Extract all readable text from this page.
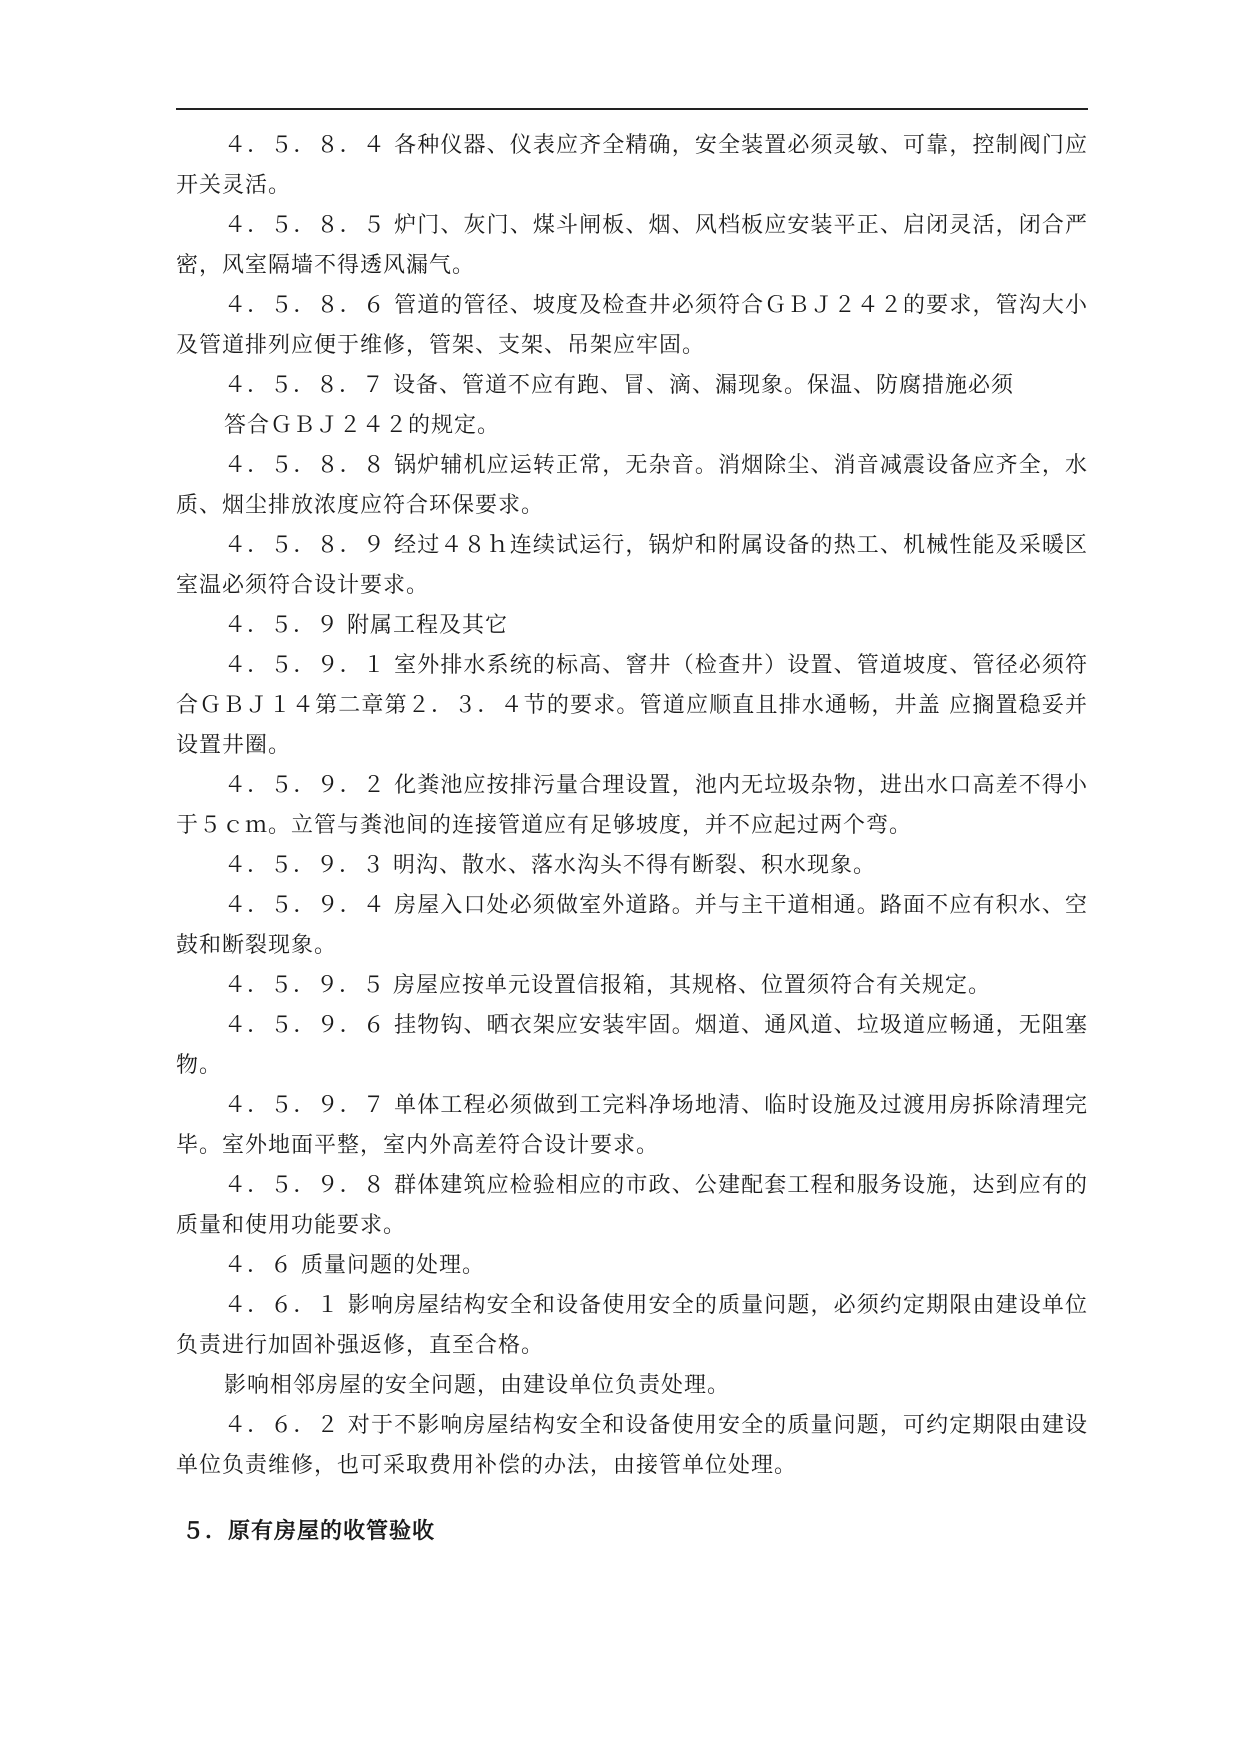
４．５．８．４ 各种仪器、仪表应齐全精确，安全装置必须灵敏、可靠，控制阀门应开关灵活。

４．５．８．５ 炉门、灰门、煤斗闸板、烟、风档板应安装平正、启闭灵活，闭合严密，风室隔墙不得透风漏气。

４．５．８．６ 管道的管径、坡度及检查井必须符合ＧＢＪ２４２的要求，管沟大小及管道排列应便于维修，管架、支架、吊架应牢固。

４．５．８．７ 设备、管道不应有跑、冒、滴、漏现象。保温、防腐措施必须

答合ＧＢＪ２４２的规定。

４．５．８．８ 锅炉辅机应运转正常，无杂音。消烟除尘、消音减震设备应齐全，水质、烟尘排放浓度应符合环保要求。

４．５．８．９ 经过４８ｈ连续试运行，锅炉和附属设备的热工、机械性能及采暖区室温必须符合设计要求。

４．５．９ 附属工程及其它

４．５．９．１ 室外排水系统的标高、窨井（检查井）设置、管道坡度、管径必须符合ＧＢＪ１４第二章第２．３．４节的要求。管道应顺直且排水通畅，井盖 应搁置稳妥并设置井圈。

４．５．９．２ 化粪池应按排污量合理设置，池内无垃圾杂物，进出水口高差不得小于５ｃｍ。立管与粪池间的连接管道应有足够坡度，并不应起过两个弯。

４．５．９．３ 明沟、散水、落水沟头不得有断裂、积水现象。

４．５．９．４ 房屋入口处必须做室外道路。并与主干道相通。路面不应有积水、空鼓和断裂现象。

４．５．９．５ 房屋应按单元设置信报箱，其规格、位置须符合有关规定。

４．５．９．６ 挂物钩、晒衣架应安装牢固。烟道、通风道、垃圾道应畅通，无阻塞物。

４．５．９．７ 单体工程必须做到工完料净场地清、临时设施及过渡用房拆除清理完毕。室外地面平整，室内外高差符合设计要求。

４．５．９．８ 群体建筑应检验相应的市政、公建配套工程和服务设施，达到应有的质量和使用功能要求。

４．６ 质量问题的处理。

４．６．１ 影响房屋结构安全和设备使用安全的质量问题，必须约定期限由建设单位负责进行加固补强返修，直至合格。

影响相邻房屋的安全问题，由建设单位负责处理。

４．６．２ 对于不影响房屋结构安全和设备使用安全的质量问题，可约定期限由建设单位负责维修，也可采取费用补偿的办法，由接管单位处理。

５．原有房屋的收管验收
